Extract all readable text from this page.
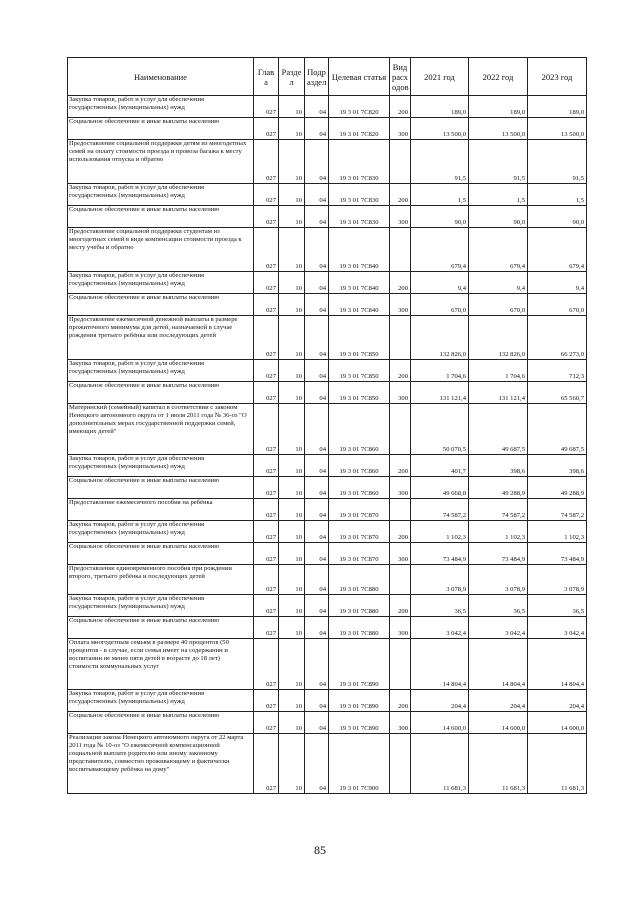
Наименование	Глав а	Разде л	Подр аздел	Целевая статья	Вид расх одов	2021 год	2022 год	2023 год
Закупка товаров, работ и услуг для обеспечения государственных (муниципальных) нужд	027	10	04	19 3 01 7С820	200	189,0	189,0	189,0
Социальное обеспечение и иные выплаты населению	027	10	04	19 3 01 7С820	300	13 500,0	13 500,0	13 500,0
Предоставление социальной поддержки детям из многодетных семей на оплату стоимости проезда и провоза багажа к месту использования отпуска и обратно	027	10	04	19 3 01 7С830		91,5	91,5	91,5
Закупка товаров, работ и услуг для обеспечения государственных (муниципальных) нужд	027	10	04	19 3 01 7С830	200	1,5	1,5	1,5
Социальное обеспечение и иные выплаты населению	027	10	04	19 3 01 7С830	300	90,0	90,0	90,0
Предоставление социальной поддержки студентам из многодетных семей в виде компенсации стоимости проезда к месту учебы и обратно	027	10	04	19 3 01 7С840		679,4	679,4	679,4
Закупка товаров, работ и услуг для обеспечения государственных (муниципальных) нужд	027	10	04	19 3 01 7С840	200	9,4	9,4	9,4
Социальное обеспечение и иные выплаты населению	027	10	04	19 3 01 7С840	300	670,0	670,0	670,0
Предоставление ежемесячной денежной выплаты в размере прожиточного минимума для детей, назначаемой в случае рождения третьего ребёнка или последующих детей	027	10	04	19 3 01 7С850		132 826,0	132 826,0	66 273,0
Закупка товаров, работ и услуг для обеспечения государственных (муниципальных) нужд	027	10	04	19 3 01 7С850	200	1 704,6	1 704,6	712,3
Социальное обеспечение и иные выплаты населению	027	10	04	19 3 01 7С850	300	131 121,4	131 121,4	65 560,7
Материнский (семейный) капитал в соответствии с законом Ненецкого автономного округа от 1 июля 2011 года № 36-оз "О дополнительных мерах государственной поддержки семей, имеющих детей"	027	10	04	19 3 01 7С860		50 070,5	49 687,5	49 687,5
Закупка товаров, работ и услуг для обеспечения государственных (муниципальных) нужд	027	10	04	19 3 01 7С860	200	401,7	398,6	398,6
Социальное обеспечение и иные выплаты населению	027	10	04	19 3 01 7С860	300	49 668,8	49 288,9	49 288,9
Предоставление ежемесячного пособия на ребёнка	027	10	04	19 3 01 7С870		74 587,2	74 587,2	74 587,2
Закупка товаров, работ и услуг для обеспечения государственных (муниципальных) нужд	027	10	04	19 3 01 7С870	200	1 102,3	1 102,3	1 102,3
Социальное обеспечение и иные выплаты населению	027	10	04	19 3 01 7С870	300	73 484,9	73 484,9	73 484,9
Предоставление единовременного пособия при рождении второго, третьего ребёнка и последующих детей	027	10	04	19 3 01 7С880		3 078,9	3 078,9	3 078,9
Закупка товаров, работ и услуг для обеспечения государственных (муниципальных) нужд	027	10	04	19 3 01 7С880	200	36,5	36,5	36,5
Социальное обеспечение и иные выплаты населению	027	10	04	19 3 01 7С880	300	3 042,4	3 042,4	3 042,4
Оплата многодетным семьям в размере 40 процентов (50 процентов - в случае, если семья имеет на содержании и воспитании не менее пяти детей в возрасте до 18 лет) стоимости коммунальных услуг	027	10	04	19 3 01 7С890		14 804,4	14 804,4	14 804,4
Закупка товаров, работ и услуг для обеспечения государственных (муниципальных) нужд	027	10	04	19 3 01 7С890	200	204,4	204,4	204,4
Социальное обеспечение и иные выплаты населению	027	10	04	19 3 01 7С890	300	14 600,0	14 600,0	14 600,0
Реализация закона Ненецкого автономного округа от 22 марта 2011 года № 10-оз "О ежемесячной компенсационной социальной выплате родителю или иному законному представителю, совместно проживающему и фактически воспитывающему ребёнка на дому"	027	10	04	19 3 01 7С900		11 681,3	11 681,3	11 681,3
85
